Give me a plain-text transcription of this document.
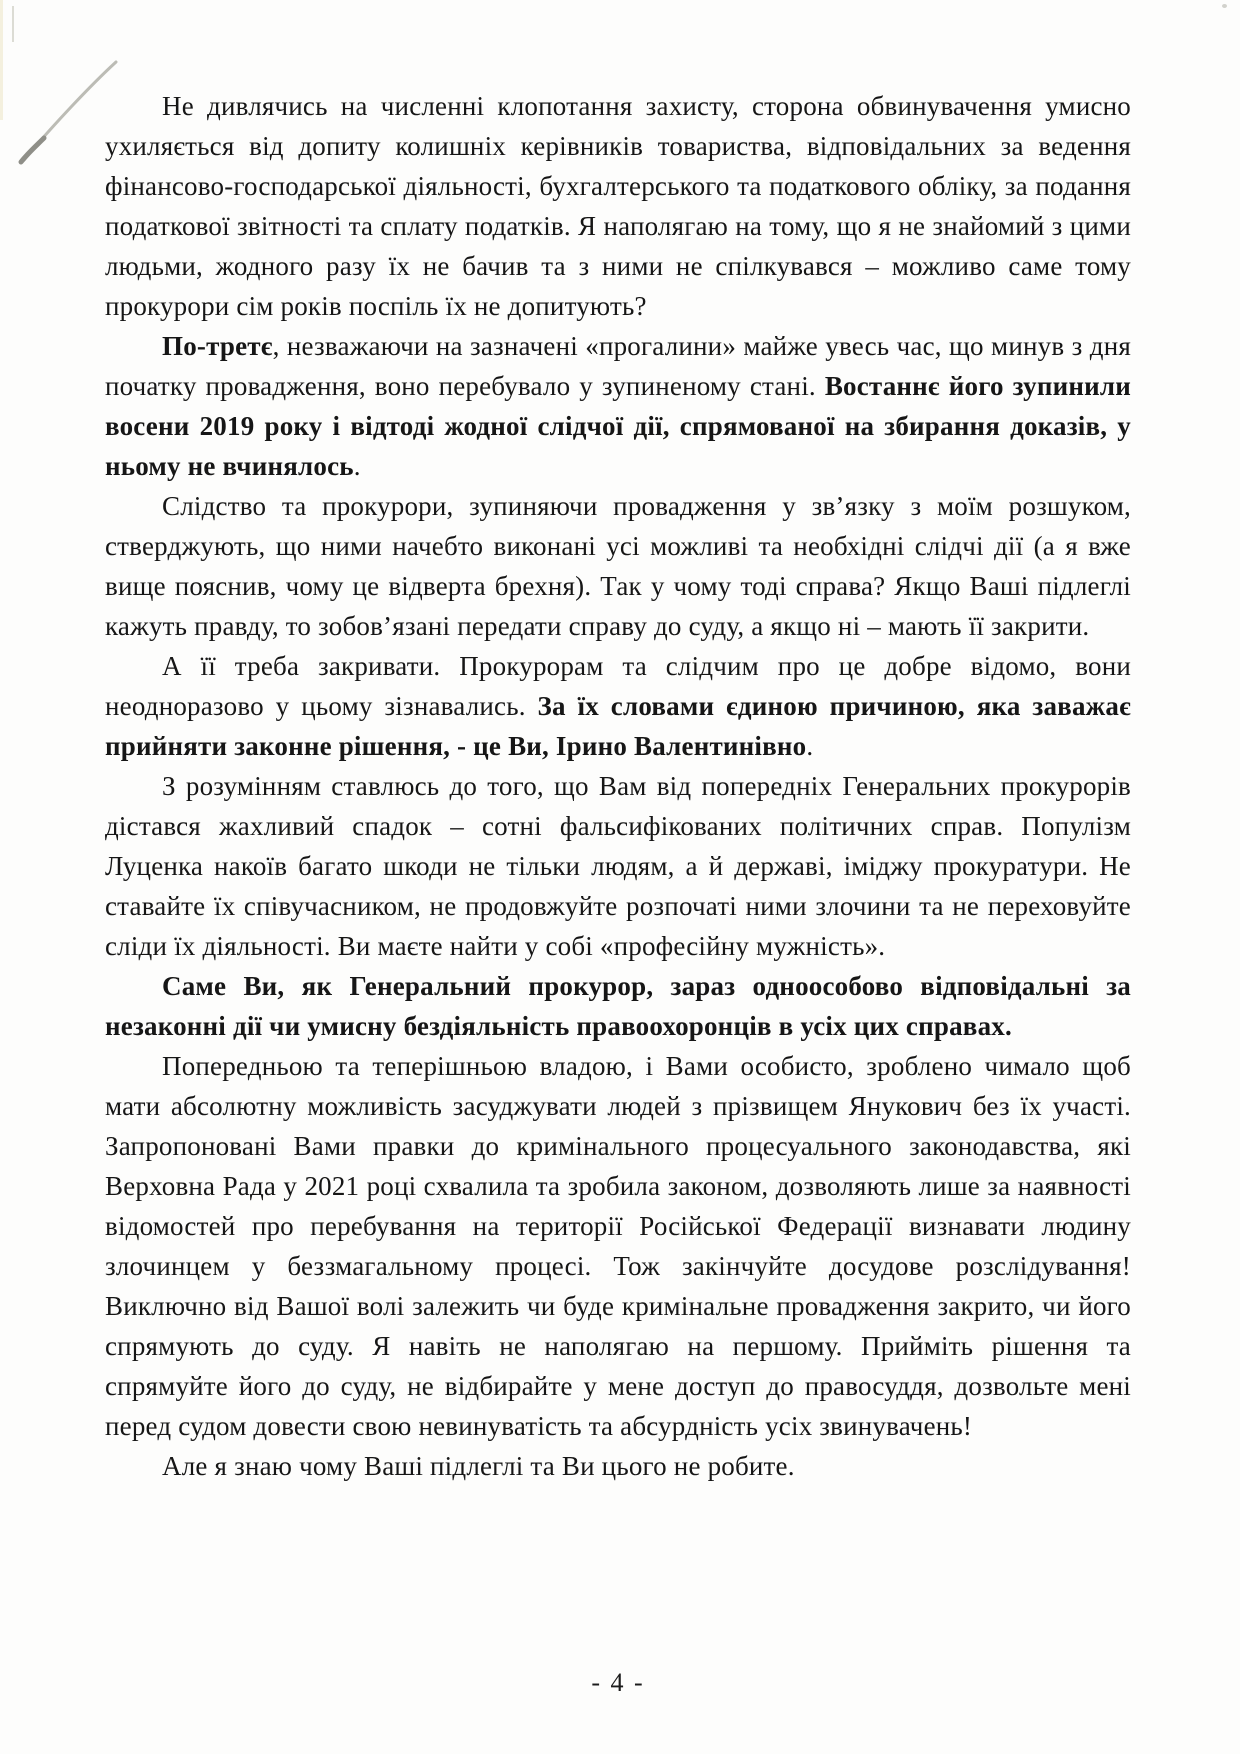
Не дивлячись на численні клопотання захисту, сторона обвинувачення умисно ухиляється від допиту колишніх керівників товариства, відповідальних за ведення фінансово-господарської діяльності, бухгалтерського та податкового обліку, за подання податкової звітності та сплату податків. Я наполягаю на тому, що я не знайомий з цими людьми, жодного разу їх не бачив та з ними не спілкувався – можливо саме тому прокурори сім років поспіль їх не допитують?

По-третє, незважаючи на зазначені «прогалини» майже увесь час, що минув з дня початку провадження, воно перебувало у зупиненому стані. Востаннє його зупинили восени 2019 року і відтоді жодної слідчої дії, спрямованої на збирання доказів, у ньому не вчинялось.

Слідство та прокурори, зупиняючи провадження у зв’язку з моїм розшуком, стверджують, що ними начебто виконані усі можливі та необхідні слідчі дії (а я вже вище пояснив, чому це відверта брехня). Так у чому тоді справа? Якщо Ваші підлеглі кажуть правду, то зобов’язані передати справу до суду, а якщо ні – мають її закрити.

А її треба закривати. Прокурорам та слідчим про це добре відомо, вони неодноразово у цьому зізнавались. За їх словами єдиною причиною, яка заважає прийняти законне рішення, - це Ви, Ірино Валентинівно.

З розумінням ставлюсь до того, що Вам від попередніх Генеральних прокурорів дістався жахливий спадок – сотні фальсифікованих політичних справ. Популізм Луценка накоїв багато шкоди не тільки людям, а й державі, іміджу прокуратури. Не ставайте їх співучасником, не продовжуйте розпочаті ними злочини та не переховуйте сліди їх діяльності. Ви маєте найти у собі «професійну мужність».

Саме Ви, як Генеральний прокурор, зараз одноособово відповідальні за незаконні дії чи умисну бездіяльність правоохоронців в усіх цих справах.

Попередньою та теперішньою владою, і Вами особисто, зроблено чимало щоб мати абсолютну можливість засуджувати людей з прізвищем Янукович без їх участі. Запропоновані Вами правки до кримінального процесуального законодавства, які Верховна Рада у 2021 році схвалила та зробила законом, дозволяють лише за наявності відомостей про перебування на території Російської Федерації визнавати людину злочинцем у беззмагальному процесі. Тож закінчуйте досудове розслідування! Виключно від Вашої волі залежить чи буде кримінальне провадження закрито, чи його спрямують до суду. Я навіть не наполягаю на першому. Прийміть рішення та спрямуйте його до суду, не відбирайте у мене доступ до правосуддя, дозвольте мені перед судом довести свою невинуватість та абсурдність усіх звинувачень!

Але я знаю чому Ваші підлеглі та Ви цього не робите.

- 4 -
